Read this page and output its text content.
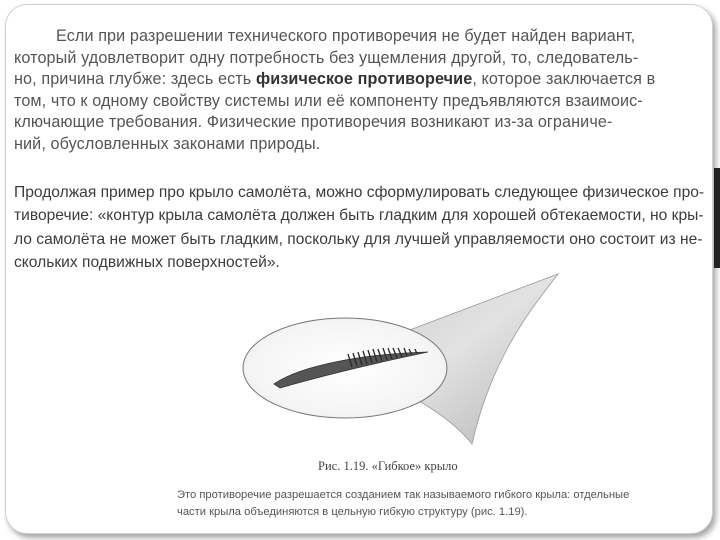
Если при разрешении технического противоречия не будет найден вариант,
который удовлетворит одну потребность без ущемления другой, то, следователь-
но, причина глубже: здесь есть физическое противоречие, которое заключается в
том, что к одному свойству системы или её компоненту предъявляются взаимоис-
ключающие требования. Физические противоречия возникают из-за ограниче-
ний, обусловленных законами природы.
Продолжая пример про крыло самолёта, можно сформулировать следующее физическое про-
тиворечие: «контур крыла самолёта должен быть гладким для хорошей обтекаемости, но кры-
ло самолёта не может быть гладким, поскольку для лучшей управляемости оно состоит из не-
скольких подвижных поверхностей».
Рис. 1.19. «Гибкое» крыло
Это противоречие разрешается созданием так называемого гибкого крыла: отдельные
части крыла объединяются в цельную гибкую структуру (рис. 1.19).
